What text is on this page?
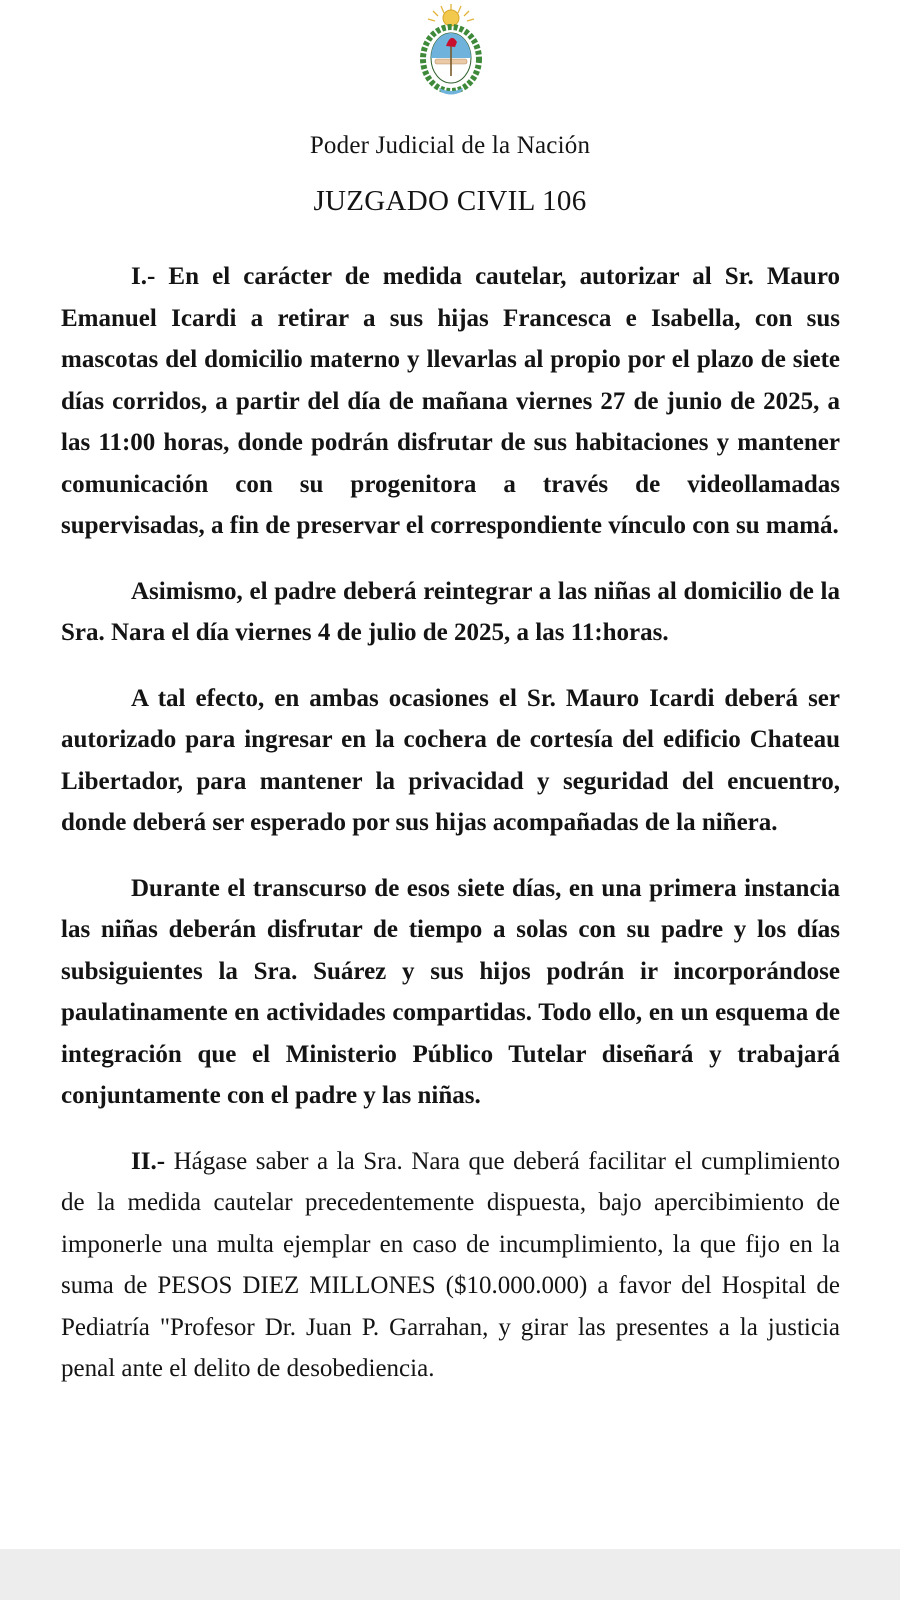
Poder Judicial de la Nación
JUZGADO CIVIL 106

I.- En el carácter de medida cautelar, autorizar al Sr. Mauro Emanuel Icardi a retirar a sus hijas Francesca e Isabella, con sus mascotas del domicilio materno y llevarlas al propio por el plazo de siete días corridos, a partir del día de mañana viernes 27 de junio de 2025, a las 11:00 horas, donde podrán disfrutar de sus habitaciones y mantener comunicación con su progenitora a través de videollamadas supervisadas, a fin de preservar el correspondiente vínculo con su mamá.

Asimismo, el padre deberá reintegrar a las niñas al domicilio de la Sra. Nara el día viernes 4 de julio de 2025, a las 11:horas.

A tal efecto, en ambas ocasiones el Sr. Mauro Icardi deberá ser autorizado para ingresar en la cochera de cortesía del edificio Chateau Libertador, para mantener la privacidad y seguridad del encuentro, donde deberá ser esperado por sus hijas acompañadas de la niñera.

Durante el transcurso de esos siete días, en una primera instancia las niñas deberán disfrutar de tiempo a solas con su padre y los días subsiguientes la Sra. Suárez y sus hijos podrán ir incorporándose paulatinamente en actividades compartidas. Todo ello, en un esquema de integración que el Ministerio Público Tutelar diseñará y trabajará conjuntamente con el padre y las niñas.

II.- Hágase saber a la Sra. Nara que deberá facilitar el cumplimiento de la medida cautelar precedentemente dispuesta, bajo apercibimiento de imponerle una multa ejemplar en caso de incumplimiento, la que fijo en la suma de PESOS DIEZ MILLONES ($10.000.000) a favor del Hospital de Pediatría "Profesor Dr. Juan P. Garrahan, y girar las presentes a la justicia penal ante el delito de desobediencia.
